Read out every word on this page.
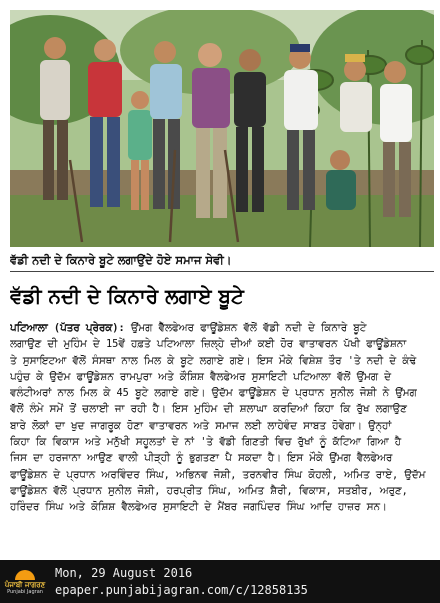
ਵੱਡੀ ਨਦੀ ਦੇ ਕਿਨਾਰੇ ਬੂਟੇ ਲਗਾਉਂਦੇ ਹੋਏ ਸਮਾਜ ਸੇਵੀ।
ਵੱਡੀ ਨਦੀ ਦੇ ਕਿਨਾਰੇ ਲਗਾਏ ਬੂਟੇ
ਪਟਿਆਲਾ (ਪੱਤਰ ਪ੍ਰੇਰਕ): ਉਂਮਗ ਵੈੱਲਫੇਅਰ ਫਾਊਂਡੇਸ਼ਨ ਵੱਲੋਂ ਵੱਡੀ ਨਦੀ ਦੇ ਕਿਨਾਰੇ ਬੂਟੇ
ਲਗਾਉਣ ਦੀ ਮੁਹਿੰਮ ਦੇ 15ਵੇਂ ਹਫ਼ਤੇ ਪਟਿਆਲਾ ਜ਼ਿਲ੍ਹੇ ਦੀਆਂ ਕਈ ਹੋਰ ਵਾਤਾਵਰਨ ਪੱਖੀ ਫਾਊਂਡੇਸ਼ਨਾ
ਤੇ ਸੁਸਾਇਟਆ ਵੱਲੋਂ ਸੰਸਥਾ ਨਾਲ ਮਿਲ ਕੇ ਬੂਟੇ ਲਗਾਏ ਗਏ। ਇਸ ਮੌਕੇ ਵਿਸ਼ੇਸ਼ ਤੌਰ 'ਤੇ ਨਦੀ ਦੇ ਕੰਢੇ
ਪਹੁੰਚ ਕੇ ਉਦੱਮ ਫਾਊਂਡੇਸ਼ਨ ਰਾਮਪੁਰਾ ਅਤੇ ਕੌਸ਼ਿਸ਼ ਵੈਲਫੇਅਰ ਸੁਸਾਇਟੀ ਪਟਿਆਲਾ ਵੱਲੋਂ ਉਂਮਗ ਦੇ
ਵਲੰਟੀਅਰਾਂ ਨਾਲ ਮਿਲ ਕੇ 45 ਬੂਟੇ ਲਗਾਏ ਗਏ। ਉਦੱਮ ਫਾਊਂਡੇਸ਼ਨ ਦੇ ਪ੍ਰਧਾਨ ਸੁਨੀਲ ਜੋਸ਼ੀ ਨੇ ਉਂਮਗ
ਵੱਲੋਂ ਲੰਮੇ ਸਮੇਂ ਤੋਂ ਚਲਾਈ ਜਾ ਰਹੀ ਹੈ। ਇਸ ਮੁਹਿੰਮ ਦੀ ਸ਼ਲਾਘਾ ਕਰਦਿਆਂ ਕਿਹਾ ਕਿ ਰੁੱਖ ਲਗਾਉਣ
ਬਾਰੇ ਲੋਕਾਂ ਦਾ ਖੁਦ ਜਾਗਰੂਕ ਹੋਣਾ ਵਾਤਾਵਰਨ ਅਤੇ ਸਮਾਜ ਲਈ ਲਾਹੇਵੰਦ ਸਾਬਤ ਹੋਵੇਗਾ। ਉਨ੍ਹਾਂ
ਕਿਹਾ ਕਿ ਵਿਕਾਸ ਅਤੇ ਮਨੁੱਖੀ ਸਹੂਲਤਾਂ ਦੇ ਨਾਂ 'ਤੇ ਵੱਡੀ ਗਿਣਤੀ ਵਿਚ ਰੁੱਖਾਂ ਨੂੰ ਕੱਟਿਆ ਗਿਆ ਹੈ
ਜਿਸ ਦਾ ਹਰਜਾਨਾ ਆਉਣ ਵਾਲੀ ਪੀੜ੍ਹੀ ਨੂੰ ਭੁਗਤਣਾ ਪੈ ਸਕਦਾ ਹੈ। ਇਸ ਮੌਕੇ ਉਂਮਗ ਵੈਲਫੇਅਰ
ਫਾਊਂਡੇਸ਼ਨ ਦੇ ਪ੍ਰਧਾਨ ਅਰਵਿੰਦਰ ਸਿੰਘ, ਅਭਿਨਵ ਜੋਸ਼ੀ, ਤਰਨਵੀਰ ਸਿੰਘ ਕੋਹਲੀ, ਅਮਿਤ ਰਾਏ, ਉਦੱਮ
ਫਾਊਂਡੇਸ਼ਨ ਵੱਲੋਂ ਪ੍ਰਧਾਨ ਸੁਨੀਲ ਜੋਸ਼ੀ, ਹਰਪ੍ਰੀਤ ਸਿੰਘ, ਅਮਿਤ ਸ਼ੈਰੀ, ਵਿਕਾਸ, ਸਤਬੀਰ, ਅਰੁਣ,
ਹਰਿੰਦਰ ਸਿੰਘ ਅਤੇ ਕੋਸ਼ਿਸ਼ ਵੈਲਫੇਅਰ ਸੁਸਾਇਟੀ ਦੇ ਮੈਂਬਰ ਜਗਪਿੰਦਰ ਸਿੰਘ ਆਦਿ ਹਾਜ਼ਰ ਸਨ।
ਪੰਜਾਬੀ ਜਾਗਰਣ
Punjabi Jagran
Mon, 29 August 2016
epaper.punjabijagran.com/c/12858135
